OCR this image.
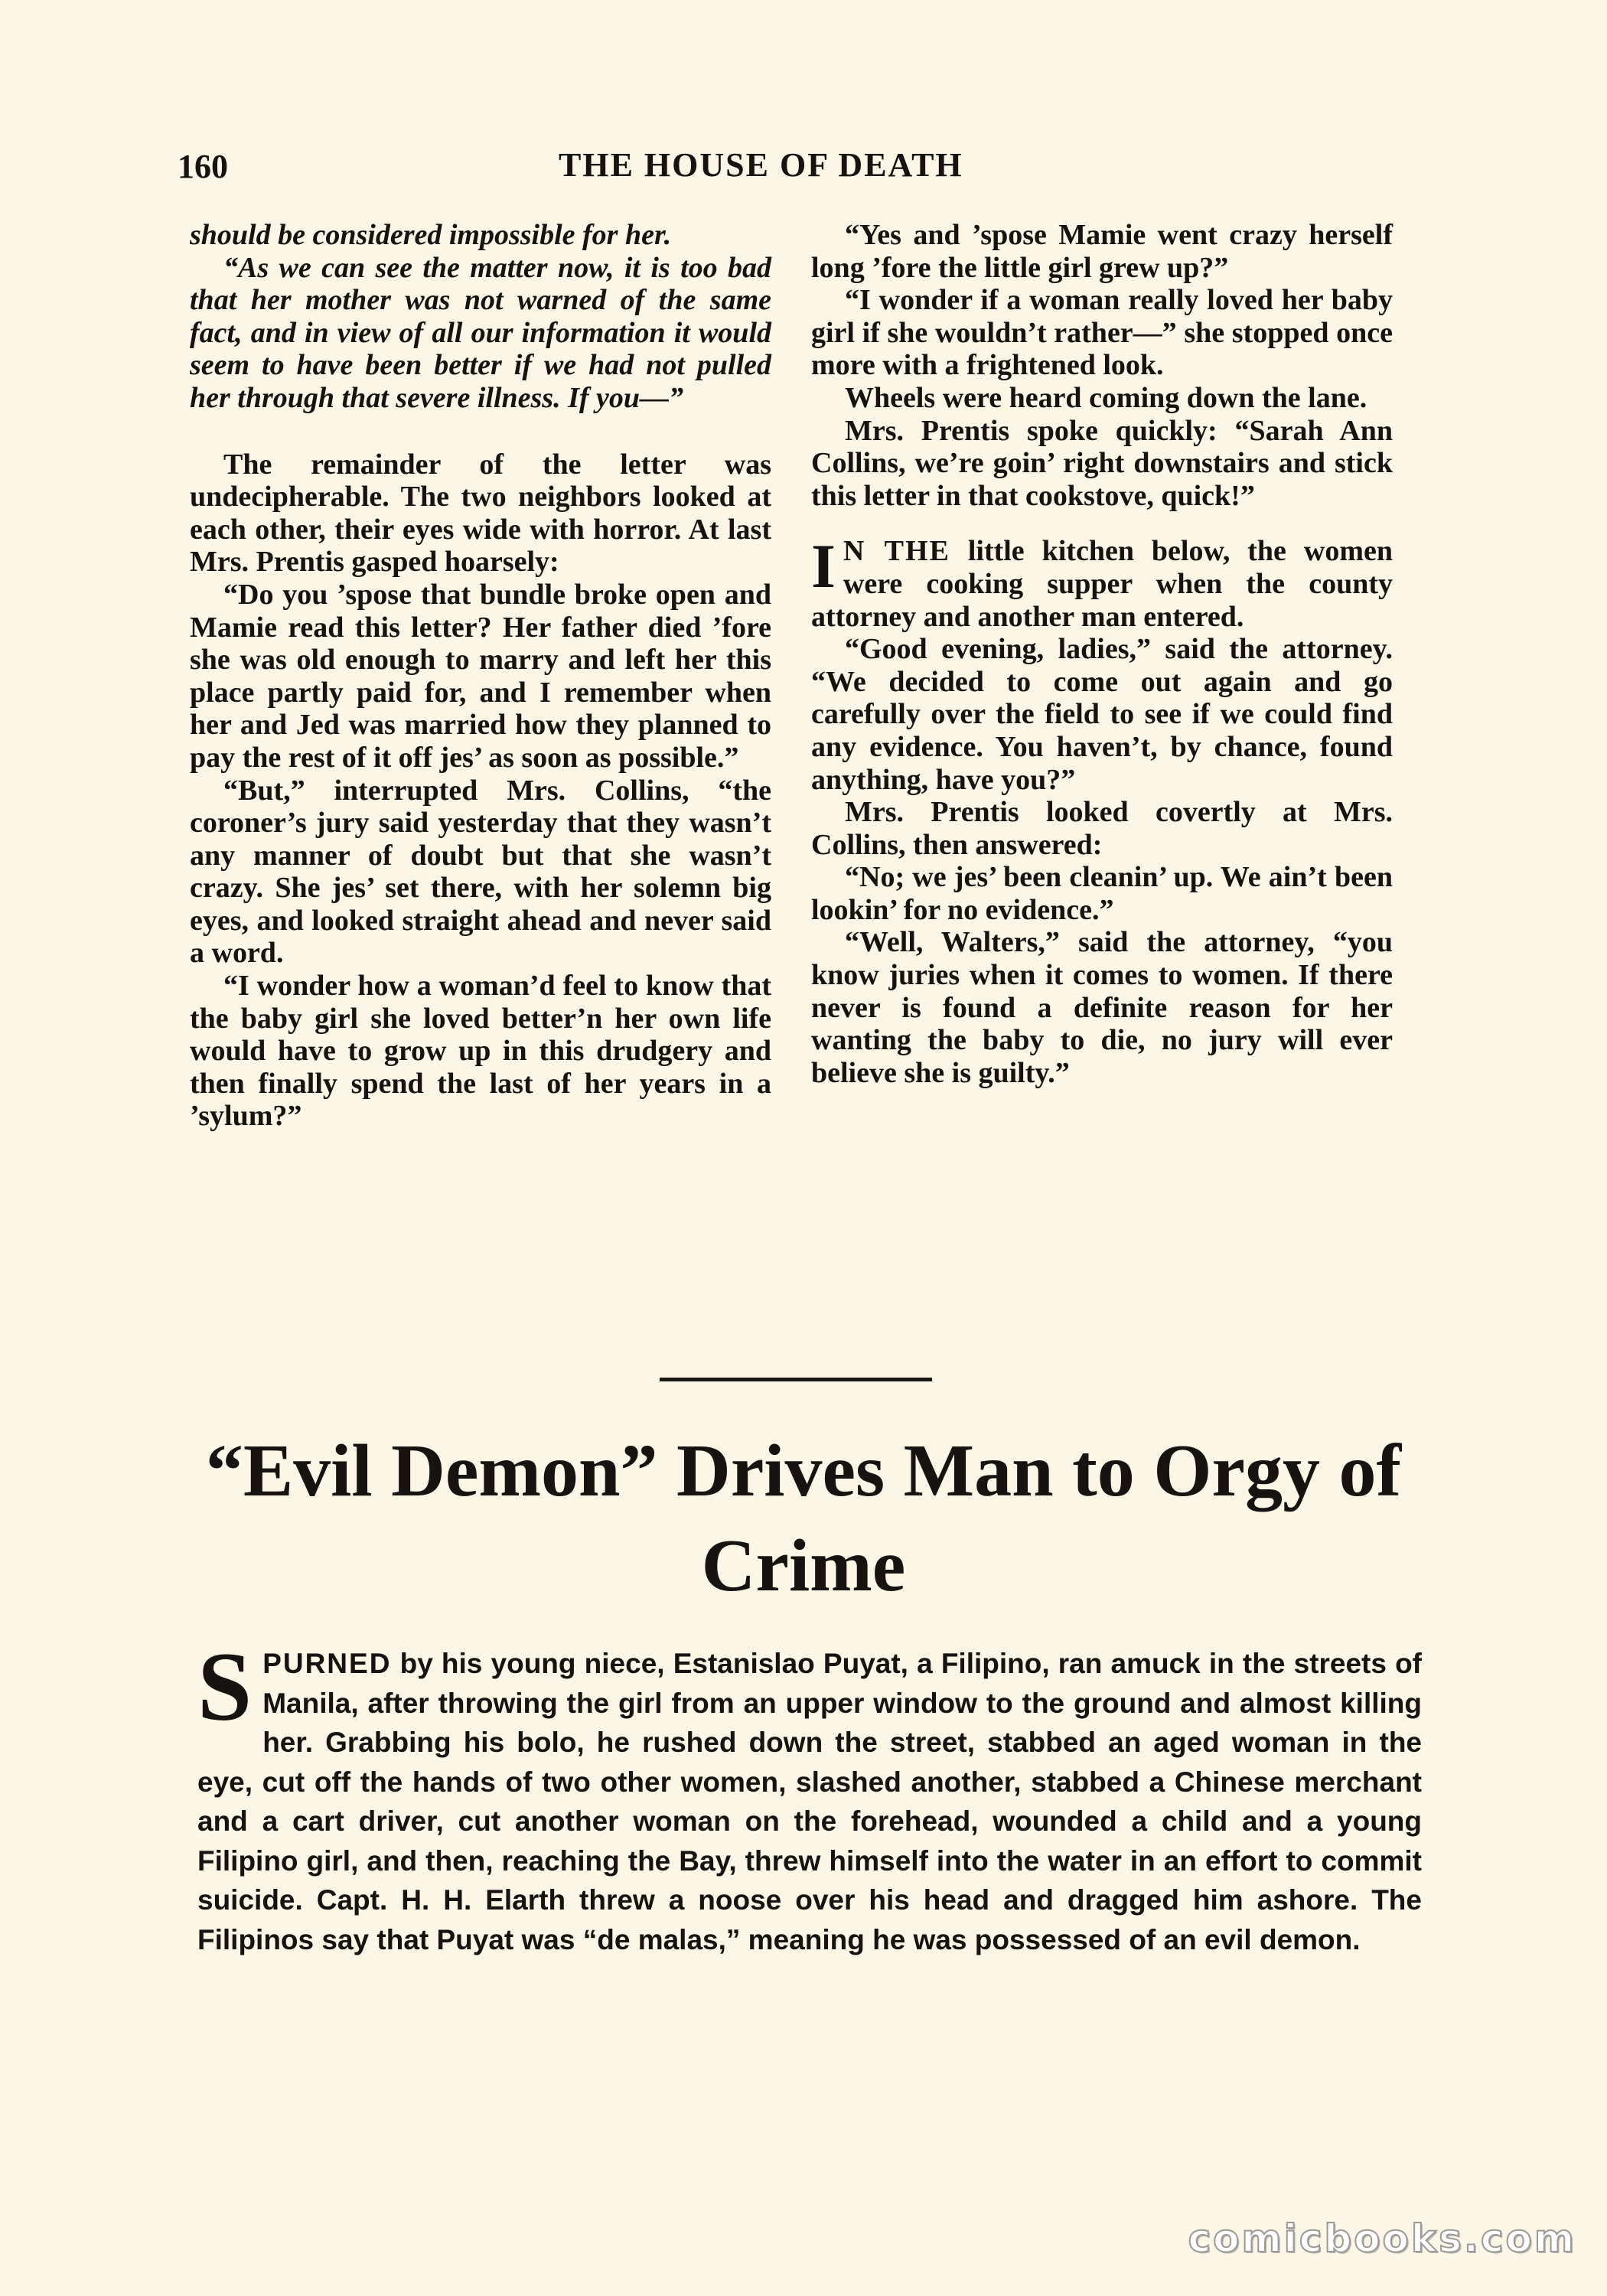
160	THE HOUSE OF DEATH

should be considered impossible for her.

“As we can see the matter now, it is too bad that her mother was not warned of the same fact, and in view of all our information it would seem to have been better if we had not pulled her through that severe illness. If you—”

The remainder of the letter was undecipherable. The two neighbors looked at each other, their eyes wide with horror. At last Mrs. Prentis gasped hoarsely:

“Do you ’spose that bundle broke open and Mamie read this letter? Her father died ’fore she was old enough to marry and left her this place partly paid for, and I remember when her and Jed was married how they planned to pay the rest of it off jes’ as soon as possible.”

“But,” interrupted Mrs. Collins, “the coroner’s jury said yesterday that they wasn’t any manner of doubt but that she wasn’t crazy. She jes’ set there, with her solemn big eyes, and looked straight ahead and never said a word.

“I wonder how a woman’d feel to know that the baby girl she loved better’n her own life would have to grow up in this drudgery and then finally spend the last of her years in a ’sylum?”

“Yes and ’spose Mamie went crazy herself long ’fore the little girl grew up?”

“I wonder if a woman really loved her baby girl if she wouldn’t rather—” she stopped once more with a frightened look.

Wheels were heard coming down the lane.

Mrs. Prentis spoke quickly: “Sarah Ann Collins, we’re goin’ right downstairs and stick this letter in that cookstove, quick!”

I N THE little kitchen below, the women were cooking supper when the county attorney and another man entered.

“Good evening, ladies,” said the attorney. “We decided to come out again and go carefully over the field to see if we could find any evidence. You haven’t, by chance, found anything, have you?”

Mrs. Prentis looked covertly at Mrs. Collins, then answered:

“No; we jes’ been cleanin’ up. We ain’t been lookin’ for no evidence.”

“Well, Walters,” said the attorney, “you know juries when it comes to women. If there never is found a definite reason for her wanting the baby to die, no jury will ever believe she is guilty.”

“Evil Demon” Drives Man to Orgy of Crime

SPURNED by his young niece, Estanislao Puyat, a Filipino, ran amuck in the streets of Manila, after throwing the girl from an upper window to the ground and almost killing her. Grabbing his bolo, he rushed down the street, stabbed an aged woman in the eye, cut off the hands of two other women, slashed another, stabbed a Chinese merchant and a cart driver, cut another woman on the forehead, wounded a child and a young Filipino girl, and then, reaching the Bay, threw himself into the water in an effort to commit suicide. Capt. H. H. Elarth threw a noose over his head and dragged him ashore. The Filipinos say that Puyat was “de malas,” meaning he was possessed of an evil demon.

comicbooks.com
